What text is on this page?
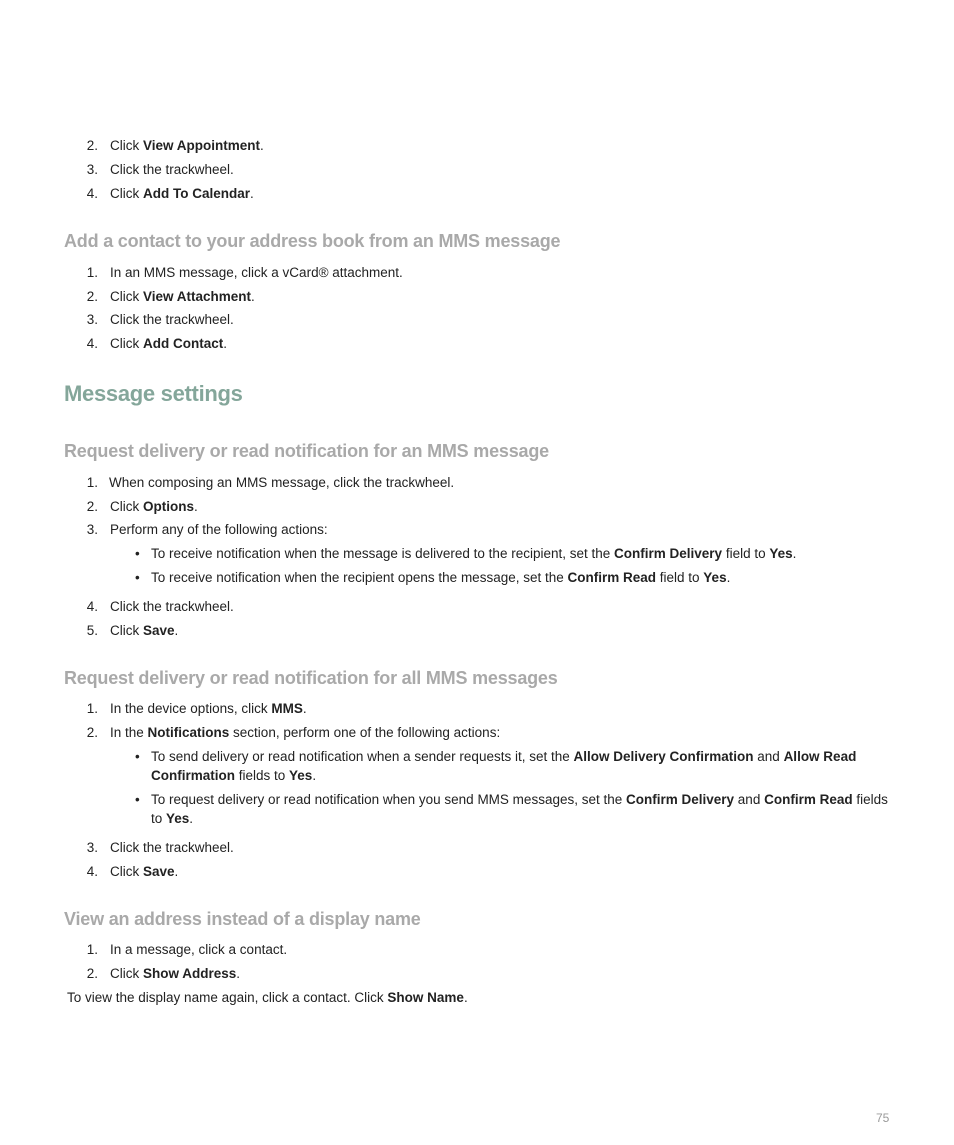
2. Click View Appointment.
3. Click the trackwheel.
4. Click Add To Calendar.
Add a contact to your address book from an MMS message
1. In an MMS message, click a vCard® attachment.
2. Click View Attachment.
3. Click the trackwheel.
4. Click Add Contact.
Message settings
Request delivery or read notification for an MMS message
1. When composing an MMS message, click the trackwheel.
2. Click Options.
3. Perform any of the following actions:
• To receive notification when the message is delivered to the recipient, set the Confirm Delivery field to Yes.
• To receive notification when the recipient opens the message, set the Confirm Read field to Yes.
4. Click the trackwheel.
5. Click Save.
Request delivery or read notification for all MMS messages
1. In the device options, click MMS.
2. In the Notifications section, perform one of the following actions:
• To send delivery or read notification when a sender requests it, set the Allow Delivery Confirmation and Allow Read
Confirmation fields to Yes.
• To request delivery or read notification when you send MMS messages, set the Confirm Delivery and Confirm Read fields
to Yes.
3. Click the trackwheel.
4. Click Save.
View an address instead of a display name
1. In a message, click a contact.
2. Click Show Address.
To view the display name again, click a contact. Click Show Name.
75
